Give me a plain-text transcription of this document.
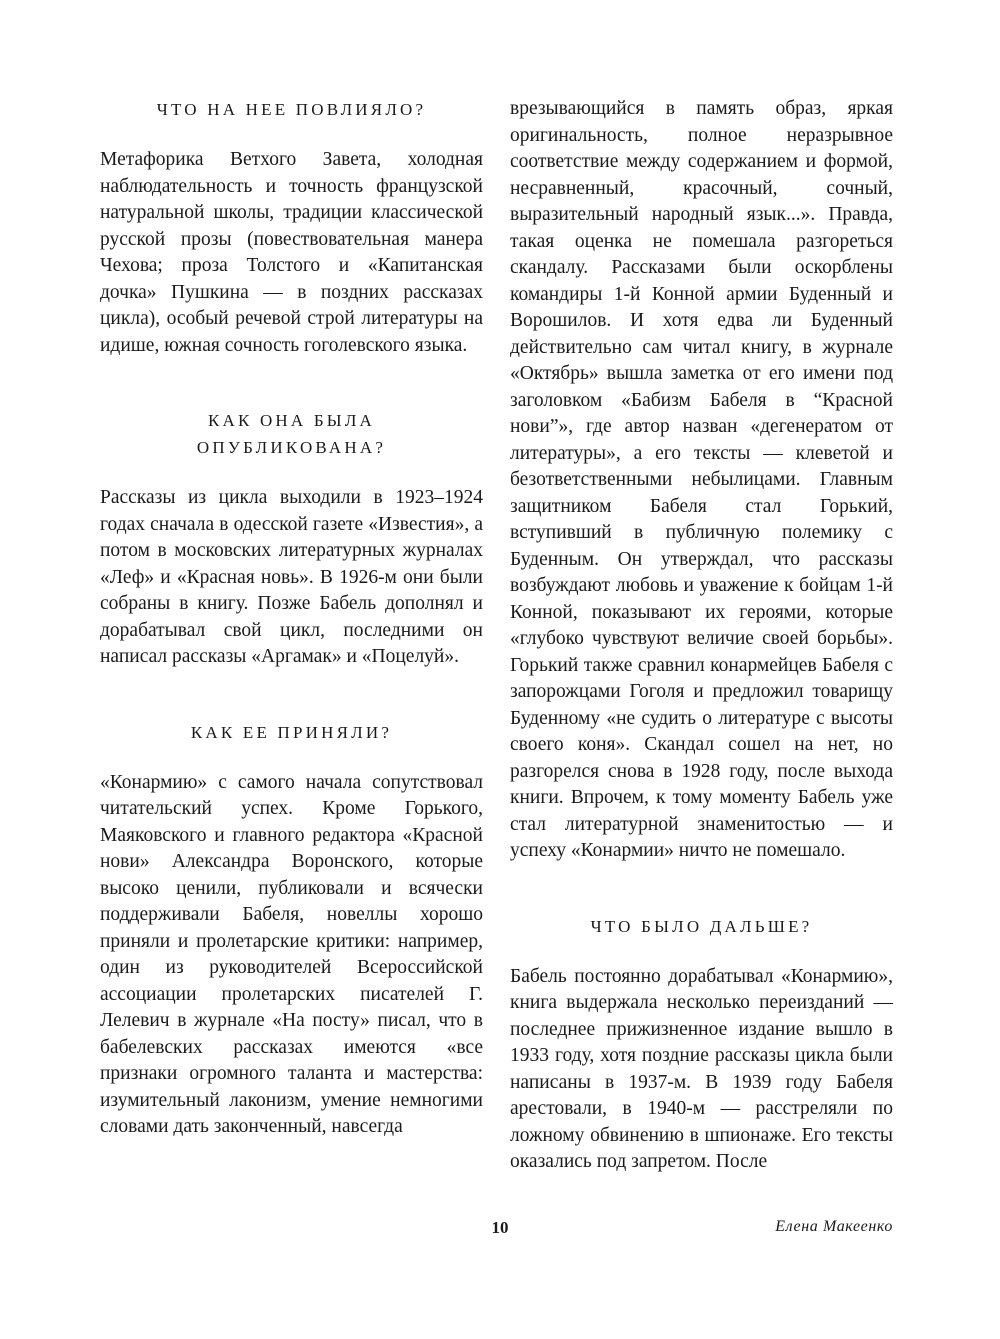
ЧТО НА НЕЕ ПОВЛИЯЛО?

Метафорика Ветхого Завета, холодная наблюдательность и точность французской натуральной школы, традиции классической русской прозы (повествовательная манера Чехова; проза Толстого и «Капитанская дочка» Пушкина — в поздних рассказах цикла), особый речевой строй литературы на идише, южная сочность гоголевского языка.

КАК ОНА БЫЛА
ОПУБЛИКОВАНА?

Рассказы из цикла выходили в 1923–1924 годах сначала в одесской газете «Известия», а потом в московских литературных журналах «Леф» и «Красная новь». В 1926-м они были собраны в книгу. Позже Бабель дополнял и дорабатывал свой цикл, последними он написал рассказы «Аргамак» и «Поцелуй».

КАК ЕЕ ПРИНЯЛИ?

«Конармию» с самого начала сопутствовал читательский успех. Кроме Горького, Маяковского и главного редактора «Красной нови» Александра Воронского, которые высоко ценили, публиковали и всячески поддерживали Бабеля, новеллы хорошо приняли и пролетарские критики: например, один из руководителей Всероссийской ассоциации пролетарских писателей Г. Лелевич в журнале «На посту» писал, что в бабелевских рассказах имеются «все признаки огромного таланта и мастерства: изумительный лаконизм, умение немногими словами дать законченный, навсегда

врезывающийся в память образ, яркая оригинальность, полное неразрывное соответствие между содержанием и формой, несравненный, красочный, сочный, выразительный народный язык...». Правда, такая оценка не помешала разгореться скандалу. Рассказами были оскорблены командиры 1-й Конной армии Буденный и Ворошилов. И хотя едва ли Буденный действительно сам читал книгу, в журнале «Октябрь» вышла заметка от его имени под заголовком «Бабизм Бабеля в “Красной нови”», где автор назван «дегенератом от литературы», а его тексты — клеветой и безответственными небылицами. Главным защитником Бабеля стал Горький, вступивший в публичную полемику с Буденным. Он утверждал, что рассказы возбуждают любовь и уважение к бойцам 1-й Конной, показывают их героями, которые «глубоко чувствуют величие своей борьбы». Горький также сравнил конармейцев Бабеля с запорожцами Гоголя и предложил товарищу Буденному «не судить о литературе с высоты своего коня». Скандал сошел на нет, но разгорелся снова в 1928 году, после выхода книги. Впрочем, к тому моменту Бабель уже стал литературной знаменитостью — и успеху «Конармии» ничто не помешало.

ЧТО БЫЛО ДАЛЬШЕ?

Бабель постоянно дорабатывал «Конармию», книга выдержала несколько переизданий — последнее прижизненное издание вышло в 1933 году, хотя поздние рассказы цикла были написаны в 1937-м. В 1939 году Бабеля арестовали, в 1940-м — расстреляли по ложному обвинению в шпионаже. Его тексты оказались под запретом. После

10	Елена Макеенко
